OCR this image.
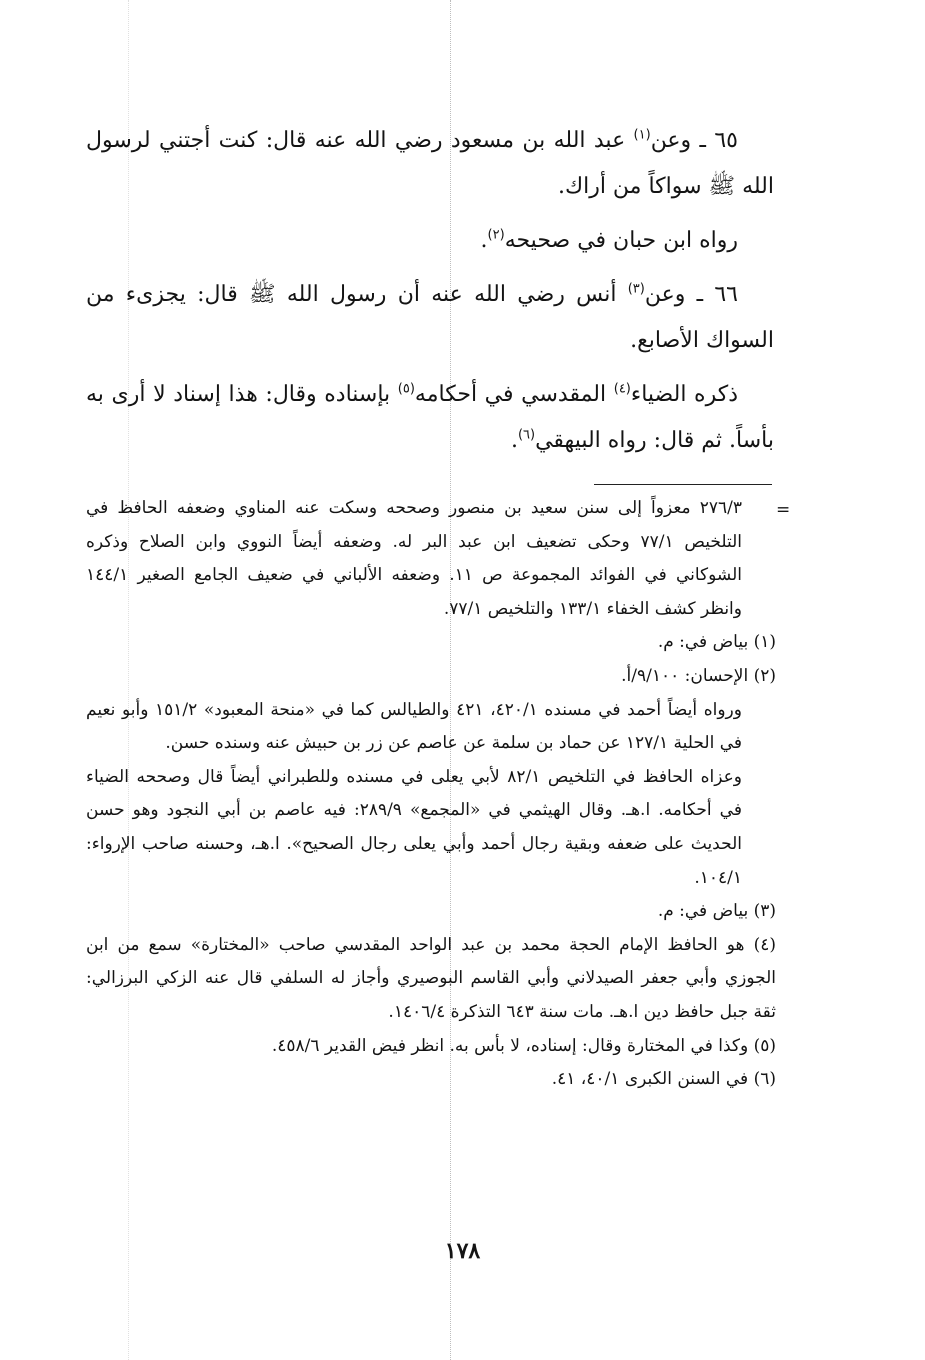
٦٥ ـ وعن$^{(١)}$ عبد الله بن مسعود رضي الله عنه قال: كنت أجتني لرسول الله ﷺ سواكاً من أراك.

رواه ابن حبان في صحيحه$^{(٢)}$.

٦٦ ـ وعن$^{(٣)}$ أنس رضي الله عنه أن رسول الله ﷺ قال: يجزىء من السواك الأصابع.

ذكره الضياء$^{(٤)}$ المقدسي في أحكامه$^{(٥)}$ بإسناده وقال: هذا إسناد لا أرى به بأساً. ثم قال: رواه البيهقي$^{(٦)}$.

=

٢٧٦/٣ معزواً إلى سنن سعيد بن منصور وصححه وسكت عنه المناوي وضعفه الحافظ في التلخيص ٧٧/١ وحكى تضعيف ابن عبد البر له. وضعفه أيضاً النووي وابن الصلاح وذكره الشوكاني في الفوائد المجموعة ص ١١. وضعفه الألباني في ضعيف الجامع الصغير ١٤٤/١ وانظر كشف الخفاء ١٣٣/١ والتلخيص ٧٧/١.

(١) بياض في: م.

(٢) الإحسان: ٩/١٠٠/أ.

ورواه أيضاً أحمد في مسنده ٤٢٠/١، ٤٢١ والطيالس كما في «منحة المعبود» ١٥١/٢ وأبو نعيم في الحلية ١٢٧/١ عن حماد بن سلمة عن عاصم عن زر بن حبيش عنه وسنده حسن.

وعزاه الحافظ في التلخيص ٨٢/١ لأبي يعلى في مسنده وللطبراني أيضاً قال وصححه الضياء في أحكامه. ا.هـ. وقال الهيثمي في «المجمع» ٢٨٩/٩: فيه عاصم بن أبي النجود وهو حسن الحديث على ضعفه وبقية رجال أحمد وأبي يعلى رجال الصحيح». ا.هـ، وحسنه صاحب الإرواء: ١٠٤/١.

(٣) بياض في: م.

(٤) هو الحافظ الإمام الحجة محمد بن عبد الواحد المقدسي صاحب «المختارة» سمع من ابن الجوزي وأبي جعفر الصيدلاني وأبي القاسم البوصيري وأجاز له السلفي قال عنه الزكي البرزالي: ثقة جبل حافظ دين ا.هـ. مات سنة ٦٤٣ التذكرة ١٤٠٦/٤.

(٥) وكذا في المختارة وقال: إسناده، لا بأس به. انظر فيض القدير ٤٥٨/٦.

(٦) في السنن الكبرى ٤٠/١، ٤١.

١٧٨
